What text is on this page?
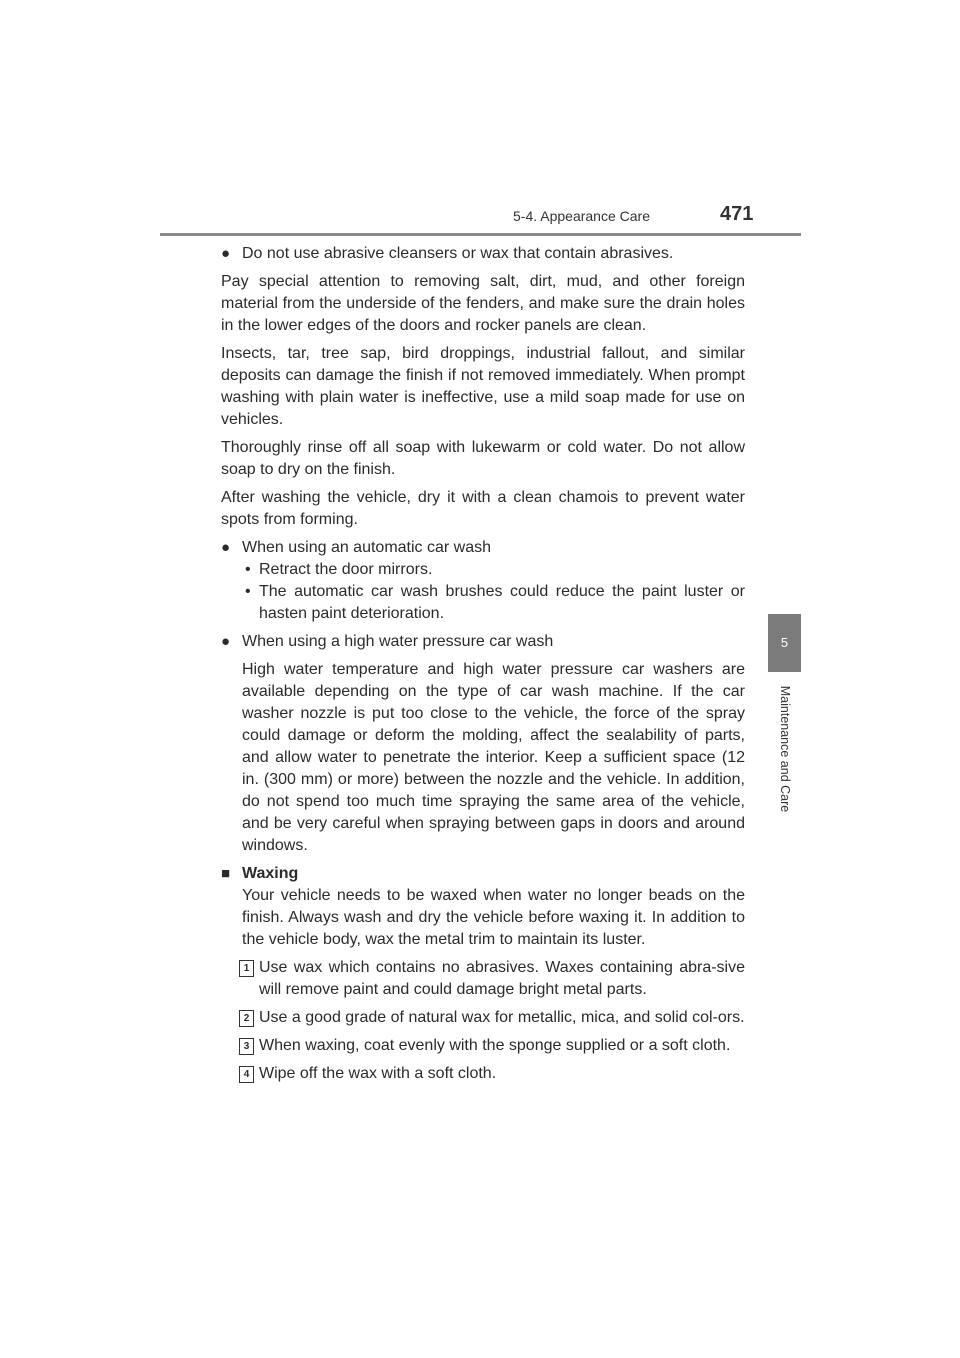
5-4. Appearance Care	471
5
Maintenance and Care
● Do not use abrasive cleansers or wax that contain abrasives.

Pay special attention to removing salt, dirt, mud, and other foreign material from the underside of the fenders, and make sure the drain holes in the lower edges of the doors and rocker panels are clean.

Insects, tar, tree sap, bird droppings, industrial fallout, and similar deposits can damage the finish if not removed immediately. When prompt washing with plain water is ineffective, use a mild soap made for use on vehicles.

Thoroughly rinse off all soap with lukewarm or cold water. Do not allow soap to dry on the finish.

After washing the vehicle, dry it with a clean chamois to prevent water spots from forming.

● When using an automatic car wash
• Retract the door mirrors.
• The automatic car wash brushes could reduce the paint luster or hasten paint deterioration.
● When using a high water pressure car wash

High water temperature and high water pressure car washers are available depending on the type of car wash machine. If the car washer nozzle is put too close to the vehicle, the force of the spray could damage or deform the molding, affect the sealability of parts, and allow water to penetrate the interior. Keep a sufficient space (12 in. (300 mm) or more) between the nozzle and the vehicle. In addition, do not spend too much time spraying the same area of the vehicle, and be very careful when spraying between gaps in doors and around windows.

■ Waxing

Your vehicle needs to be waxed when water no longer beads on the finish. Always wash and dry the vehicle before waxing it. In addition to the vehicle body, wax the metal trim to maintain its luster.

1 Use wax which contains no abrasives. Waxes containing abra-sive will remove paint and could damage bright metal parts.
2 Use a good grade of natural wax for metallic, mica, and solid col-ors.
3 When waxing, coat evenly with the sponge supplied or a soft cloth.
4 Wipe off the wax with a soft cloth.
